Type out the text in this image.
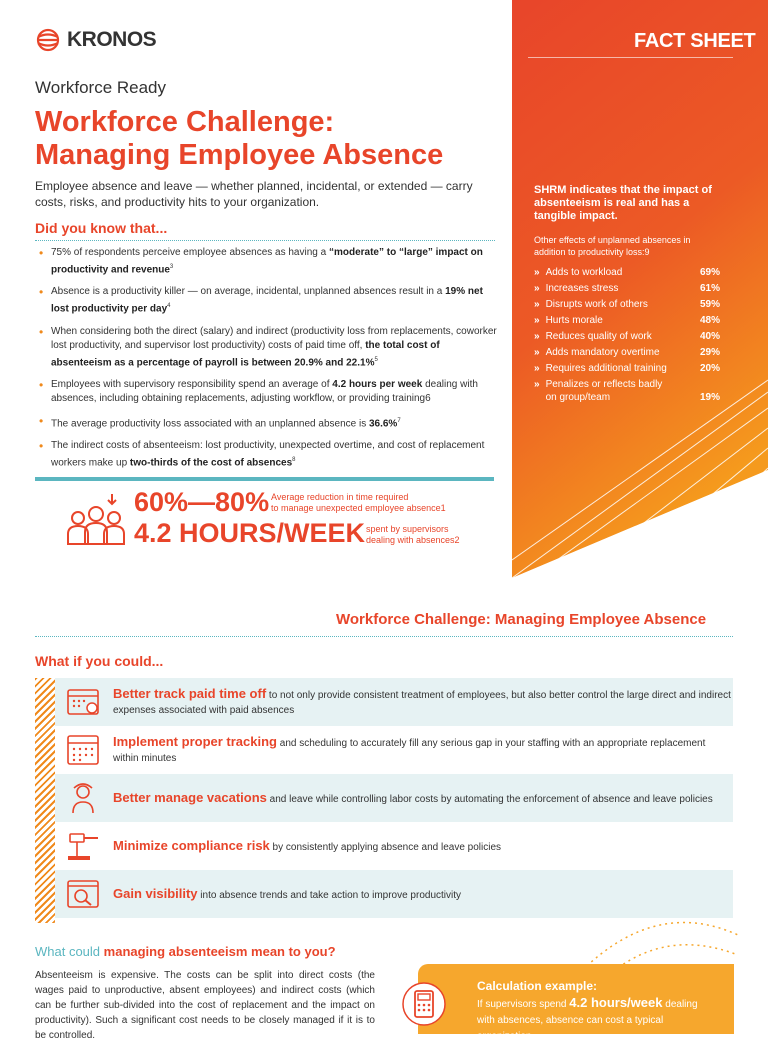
KRONOS
Workforce Ready
Workforce Challenge:
Managing Employee Absence
Employee absence and leave — whether planned, incidental, or extended — carry costs, risks, and productivity hits to your organization.
Did you know that...
• 75% of respondents perceive employee absences as having a “moderate” to “large” impact on productivity and revenue$^3$
• Absence is a productivity killer — on average, incidental, unplanned absences result in a 19% net lost productivity per day$^4$
• When considering both the direct (salary) and indirect (productivity loss from replacements, coworker lost productivity, and supervisor lost productivity) costs of paid time off, the total cost of absenteeism as a percentage of payroll is between 20.9% and 22.1%$^5$
• Employees with supervisory responsibility spend an average of 4.2 hours per week dealing with absences, including obtaining replacements, adjusting workflow, or providing training6
• The average productivity loss associated with an unplanned absence is 36.6%$^7$
• The indirect costs of absenteeism: lost productivity, unexpected overtime, and cost of replacement workers make up two-thirds of the cost of absences$^8$
60%—80% Average reduction in time required
to manage unexpected employee absence1
4.2 HOURS/WEEK spent by supervisors
dealing with absences2
FACT SHEET
SHRM indicates that the impact of absenteeism is real and has a tangible impact.
Other effects of unplanned absences in addition to productivity loss:9
» Adds to workload	69%
» Increases stress	61%
» Disrupts work of others	59%
» Hurts morale	48%
» Reduces quality of work	40%
» Adds mandatory overtime	29%
» Requires additional training	20%
» Penalizes or reflects badly on group/team	19%
Workforce Challenge: Managing Employee Absence
What if you could...
Better track paid time off to not only provide consistent treatment of employees, but also better control the large direct and indirect expenses associated with paid absences
Implement proper tracking and scheduling to accurately fill any serious gap in your staffing with an appropriate replacement within minutes
Better manage vacations and leave while controlling labor costs by automating the enforcement of absence and leave policies
Minimize compliance risk by consistently applying absence and leave policies
Gain visibility into absence trends and take action to improve productivity
What could managing absenteeism mean to you?
Absenteeism is expensive. The costs can be split into direct costs (the wages paid to unproductive, absent employees) and indirect costs (which can be further sub-divided into the cost of replacement and the impact on productivity). Such a significant cost needs to be closely managed if it is to be controlled.
Calculation example:
If supervisors spend 4.2 hours/week dealing with absences, absence can cost a typical organization
